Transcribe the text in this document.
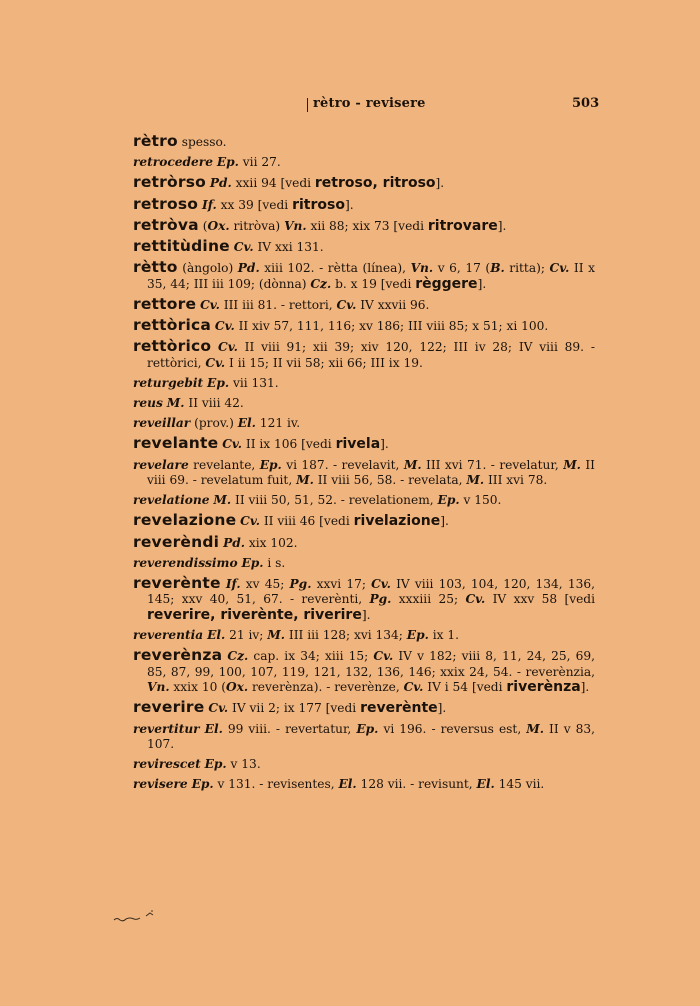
rètro - revisere	503

rètro spesso.

retrocedere Ep. vii 27.

retròrso Pd. xxii 94 [vedi retroso, ritroso].

retroso If. xx 39 [vedi ritroso].

retròva (Ox. ritròva) Vn. xii 88; xix 73 [vedi ritrovare].

rettitùdine Cv. IV xxi 131.

rètto (àngolo) Pd. xiii 102. - rètta (línea), Vn. v 6, 17 (B. ritta); Cv. II x 35, 44; III iii 109; (dònna) Cz. b. x 19 [vedi règgere].

rettore Cv. III iii 81. - rettori, Cv. IV xxvii 96.

rettòrica Cv. II xiv 57, 111, 116; xv 186; III viii 85; x 51; xi 100.

rettòrico Cv. II viii 91; xii 39; xiv 120, 122; III iv 28; IV viii 89. - rettòrici, Cv. I ii 15; II vii 58; xii 66; III ix 19.

returgebit Ep. vii 131.

reus M. II viii 42.

reveillar (prov.) El. 121 iv.

revelante Cv. II ix 106 [vedi rivela].

revelare revelante, Ep. vi 187. - revelavit, M. III xvi 71. - revelatur, M. II viii 69. - revelatum fuit, M. II viii 56, 58. - revelata, M. III xvi 78.

revelatione M. II viii 50, 51, 52. - revelationem, Ep. v 150.

revelazione Cv. II viii 46 [vedi rivelazione].

reverèndi Pd. xix 102.

reverendissimo Ep. i s.

reverènte If. xv 45; Pg. xxvi 17; Cv. IV viii 103, 104, 120, 134, 136, 145; xxv 40, 51, 67. - reverènti, Pg. xxxiii 25; Cv. IV xxv 58 [vedi reverire, riverènte, riverire].

reverentia El. 21 iv; M. III iii 128; xvi 134; Ep. ix 1.

reverènza Cz. cap. ix 34; xiii 15; Cv. IV v 182; viii 8, 11, 24, 25, 69, 85, 87, 99, 100, 107, 119, 121, 132, 136, 146; xxix 24, 54. - reverènzia, Vn. xxix 10 (Ox. reverènza). - reverènze, Cv. IV i 54 [vedi riverènza].

reverire Cv. IV vii 2; ix 177 [vedi reverènte].

revertitur El. 99 viii. - revertatur, Ep. vi 196. - reversus est, M. II v 83, 107.

revirescet Ep. v 13.

revisere Ep. v 131. - revisentes, El. 128 vii. - revisunt, El. 145 vii.
